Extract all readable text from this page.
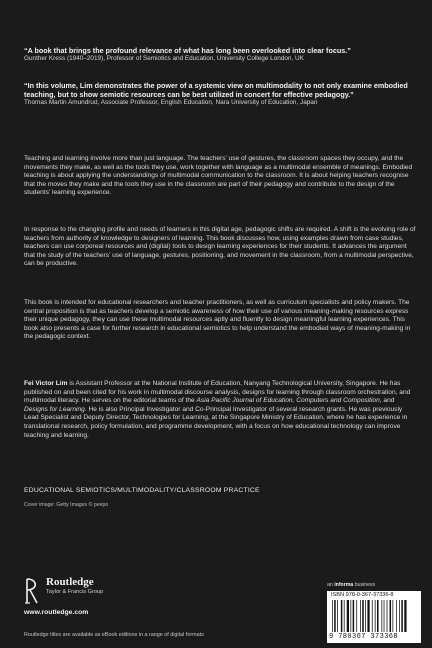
“A book that brings the profound relevance of what has long been overlooked into clear focus.”
Gunther Kress (1940–2019), Professor of Semiotics and Education, University College London, UK
“In this volume, Lim demonstrates the power of a systemic view on multimodality to not only examine embodied teaching, but to show semiotic resources can be best utilized in concert for effective pedagogy.”
Thomas Martin Amundrud, Associate Professor, English Education, Nara University of Education, Japan
Teaching and learning involve more than just language. The teachers’ use of gestures, the classroom spaces they occupy, and the movements they make, as well as the tools they use, work together with language as a multimodal ensemble of meanings. Embodied teaching is about applying the understandings of multimodal communication to the classroom. It is about helping teachers recognise that the moves they make and the tools they use in the classroom are part of their pedagogy and contribute to the design of the students’ learning experience.
In response to the changing profile and needs of learners in this digital age, pedagogic shifts are required. A shift is the evolving role of teachers from authority of knowledge to designers of learning. This book discusses how, using examples drawn from case studies, teachers can use corporeal resources and (digital) tools to design learning experiences for their students. It advances the argument that the study of the teachers’ use of language, gestures, positioning, and movement in the classroom, from a multimodal perspective, can be productive.
This book is intended for educational researchers and teacher practitioners, as well as curriculum specialists and policy makers. The central proposition is that as teachers develop a semiotic awareness of how their use of various meaning-making resources express their unique pedagogy, they can use these multimodal resources aptly and fluently to design meaningful learning experiences. This book also presents a case for further research in educational semiotics to help understand the embodied ways of meaning-making in the pedagogic context.
Fei Victor Lim is Assistant Professor at the National Institute of Education, Nanyang Technological University, Singapore. He has published on and been cited for his work in multimodal discourse analysis, designs for learning through classroom orchestration, and multimodal literacy. He serves on the editorial teams of the Asia Pacific Journal of Education, Computers and Composition, and Designs for Learning. He is also Principal Investigator and Co-Principal Investigator of several research grants. He was previously Lead Specialist and Deputy Director, Technologies for Learning, at the Singapore Ministry of Education, where he has experience in translational research, policy formulation, and programme development, with a focus on how educational technology can improve teaching and learning.
EDUCATIONAL SEMIOTICS/MULTIMODALITY/CLASSROOM PRACTICE
Cover image: Getty Images © peepo
Routledge
Taylor & Francis Group
www.routledge.com
an informa business
ISBN 978-0-367-37336-8
9 780367 373368
Routledge titles are available as eBook editions in a range of digital formats
